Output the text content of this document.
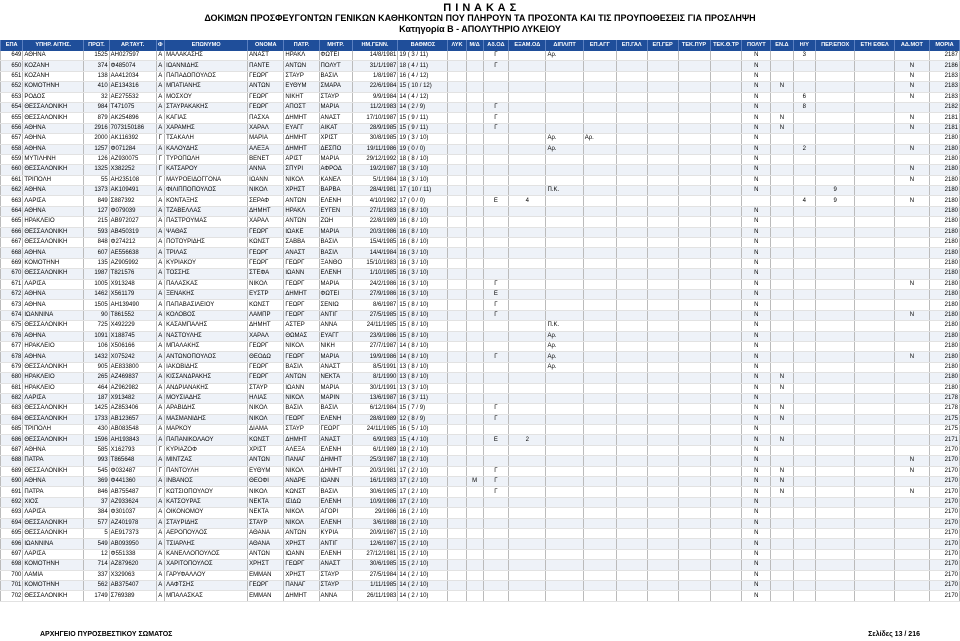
Π Ι Ν Α Κ Α Σ
ΔΟΚΙΜΩΝ ΠΡΟΣΦΕΥΓΟΝΤΩΝ ΓΕΝΙΚΩΝ ΚΑΘΗΚΟΝΤΩΝ ΠΟΥ ΠΛΗΡΟΥΝ ΤΑ ΠΡΟΣΟΝΤΑ ΚΑΙ ΤΙΣ ΠΡΟΥΠΟΘΕΣΕΙΣ ΓΙΑ ΠΡΟΣΛΗΨΗ
Κατηγορία Β - ΑΠΟΛΥΤΗΡΙΟ ΛΥΚΕΙΟΥ
ΕΠΑ	ΥΠΗΡ. ΑΙΤΗΣ.	ΠΡΩΤ.	ΑΡ.ΤΑΥΤ.	Φ	ΕΠΩΝΥΜΟ	ΟΝΟΜΑ	ΠΑΤΡ.	ΜΗΤΡ.	ΗΜ.ΓΕΝΝ.	ΒΑΘΜΟΣ	ΛΥΚ	Μ/Δ	Αδ.ΟΔ	ΕΞΑΜ.ΟΔ	ΔΙΠΛ/ΠΤ	ΕΠ.ΑΓΓ	ΕΠ.ΓΑΛ	ΕΠ.ΓΕΡ	ΤΕΚ.ΠΥΡ	ΤΕΚ.Θ.ΤΡ	ΠΟΛΥΤ	ΕΝ.Δ	Η/Υ	ΠΕΡ.ΕΠΟΧ	ΕΤΗ ΕΘΕΛ	ΑΔ.ΜΟΤ	ΜΟΡΙΑ
649	ΑΘΗΝΑ	1525	ΑΗ027597	Α	ΜΑΛΑΚΑΣΗΣ	ΑΝΑΣΤ	ΗΡΑΚΛ	ΦΩΤΕΙ	14/8/1981	19 ( 3 / 11)			Γ		Αρ.						N		3				2187
650	ΚΟΖΑΝΗ	374	Φ485074	Α	ΙΩΑΝΝΙΔΗΣ	ΠΑΝΤΕ	ΑΝΤΩΝ	ΠΟΛΥΤ	31/1/1987	18 ( 4 / 11)			Γ								N					N	2186
651	ΚΟΖΑΝΗ	138	ΑΑ412034	Α	ΠΑΠΑΔΟΠΟΥΛΟΣ	ΓΕΩΡΓ	ΣΤΑΥΡ	ΒΑΣΙΛ	1/8/1987	16 ( 4 / 12)											N					N	2183
652	ΚΟΜΟΤΗΝΗ	410	ΑΕ134316	Α	ΜΠΑΤΙΑΝΗΣ	ΑΝΤΩΝ	ΕΥΘΥΜ	ΣΜΑΡΑ	22/6/1984	15 ( 10 / 12)											N	N				N	2183
653	ΡΟΔΟΣ	32	ΑΕ275532	Α	ΜΟΣΧΟΥ	ΓΕΩΡΓ	ΝΙΚΗΤ	ΣΤΑΥΡ	9/9/1984	14 ( 4 / 12)											N		6			N	2183
654	ΘΕΣΣΑΛΟΝΙΚΗ	984	Τ471075	Α	ΣΤΑΥΡΑΚΑΚΗΣ	ΓΕΩΡΓ	ΑΠΟΣΤ	ΜΑΡΙΑ	11/2/1983	14 ( 2 / 9)			Γ								N		8				2182
655	ΘΕΣΣΑΛΟΝΙΚΗ	879	ΑΚ254896	Α	ΚΑΓΙΑΣ	ΠΑΣΧΑ	ΔΗΜΗΤ	ΑΝΑΣΤ	17/10/1987	15 ( 9 / 11)			Γ								N	N				N	2181
656	ΑΘΗΝΑ	2916	7073150186	Α	ΧΑΡΑΜΗΣ	ΧΑΡΑΛ	ΕΥΑΓΓ	ΑΙΚΑΤ	28/9/1985	15 ( 9 / 11)			Γ								N	N				N	2181
657	ΑΘΗΝΑ	2000	ΑΚ116392	Γ	ΤΣΑΚΑΛΗ	ΜΑΡΙΑ	ΔΗΜΗΤ	ΧΡΙΣΤ	30/8/1985	19 ( 3 / 10)					Αρ.	Αρ.					N						2180
658	ΑΘΗΝΑ	1257	Φ071284	Α	ΚΑΛΟΥΔΗΣ	ΑΛΕΞΑ	ΔΗΜΗΤ	ΔΕΣΠΟ	19/11/1986	19 ( 0 / 0)					Αρ.						N		2			N	2180
659	ΜΥΤΙΛΗΝΗ	126	ΑΖ930075	Γ	ΤΥΡΟΠΩΛΗ	ΒΕΝΕΤ	ΑΡΙΣΤ	ΜΑΡΙΑ	29/12/1992	18 ( 8 / 10)											N						2180
660	ΘΕΣΣΑΛΟΝΙΚΗ	1325	Χ382252	Γ	ΚΑΤΣΑΡΟΥ	ΑΝΝΑ	ΣΠΥΡΙ	ΑΦΡΟΔ	19/2/1987	18 ( 3 / 10)											N					N	2180
661	ΤΡΙΠΟΛΗ	55	ΑΗ235108	Γ	ΜΑΥΡΟΕΙΔΟΓΓΟΝΑ	ΙΩΑΝΝ	ΝΙΚΟΛ	ΚΑΝΕΛ	5/1/1984	18 ( 3 / 10)											N					N	2180
662	ΑΘΗΝΑ	1373	ΑΚ109491	Α	ΦΙΛΙΠΠΟΠΟΥΛΟΣ	ΝΙΚΟΛ	ΧΡΗΣΤ	ΒΑΡΒΑ	28/4/1981	17 ( 10 / 11)					Π.Κ.						N			9			2180
663	ΛΑΡΙΣΑ	849	Σ887392	Α	ΚΟΝΤΑΞΗΣ	ΣΕΡΑΦ	ΑΝΤΩΝ	ΕΛΕΝΗ	4/10/1982	17 ( 0 / 0)			Ε	4									4	9		N	2180
664	ΑΘΗΝΑ	127	Φ079039	Α	ΤΖΑΒΕΛΛΑΣ	ΔΗΜΗΤ	ΗΡΑΚΛ	ΕΥΓΕΝ	27/1/1983	16 ( 8 / 10)											N						2180
665	ΗΡΑΚΛΕΙΟ	215	ΑΒ972027	Α	ΠΑΣΤΡΟΥΜΑΣ	ΧΑΡΑΛ	ΑΝΤΩΝ	ΖΩΗ	22/8/1989	16 ( 8 / 10)											N						2180
666	ΘΕΣΣΑΛΟΝΙΚΗ	593	ΑΒ450319	Α	ΨΑΘΑΣ	ΓΕΩΡΓ	ΙΩΑΚΕ	ΜΑΡΙΑ	20/3/1986	16 ( 8 / 10)											N						2180
667	ΘΕΣΣΑΛΟΝΙΚΗ	848	Φ274212	Α	ΠΟΤΟΥΡΙΔΗΣ	ΚΩΝΣΤ	ΣΑΒΒΑ	ΒΑΣΙΛ	15/4/1985	16 ( 8 / 10)											N						2180
668	ΑΘΗΝΑ	607	ΑΕ556638	Α	ΤΡΙΛΑΣ	ΓΕΩΡΓ	ΑΝΑΣΤ	ΒΑΣΙΛ	14/4/1984	16 ( 3 / 10)											N						2180
669	ΚΟΜΟΤΗΝΗ	135	ΑΖ905992	Α	ΚΥΡΙΑΚΟΥ	ΓΕΩΡΓ	ΓΕΩΡΓ	ΞΑΝΘΟ	15/10/1983	16 ( 3 / 10)											N						2180
670	ΘΕΣΣΑΛΟΝΙΚΗ	1987	Τ821576	Α	ΤΟΣΣΗΣ	ΣΤΕΦΑ	ΙΩΑΝΝ	ΕΛΕΝΗ	1/10/1985	16 ( 3 / 10)											N						2180
671	ΛΑΡΙΣΑ	1005	Χ913248	Α	ΠΑΛΑΣΚΑΣ	ΝΙΚΟΛ	ΓΕΩΡΓ	ΜΑΡΙΑ	24/2/1986	16 ( 3 / 10)			Γ								N					N	2180
672	ΑΘΗΝΑ	1462	Χ561179	Α	ΞΕΝΑΚΗΣ	ΕΥΣΤΡ	ΔΗΜΗΤ	ΦΩΤΕΙ	27/9/1986	16 ( 3 / 10)			Ε								N						2180
673	ΑΘΗΝΑ	1505	ΑΗ139490	Α	ΠΑΠΑΒΑΣΙΛΕΙΟΥ	ΚΩΝΣΤ	ΓΕΩΡΓ	ΣΕΝΙΩ	8/6/1987	15 ( 8 / 10)			Γ								N						2180
674	ΙΩΑΝΝΙΝΑ	90	Τ861552	Α	ΚΟΛΟΒΟΣ	ΛΑΜΠΡ	ΓΕΩΡΓ	ΑΝΤΙΓ	27/5/1985	15 ( 8 / 10)			Γ								N					N	2180
675	ΘΕΣΣΑΛΟΝΙΚΗ	725	Χ492229	Α	ΚΑΣΑΜΠΑΛΗΣ	ΔΗΜΗΤ	ΑΣΤΕΡ	ΑΝΝΑ	24/11/1985	15 ( 8 / 10)					Π.Κ.						N						2180
676	ΑΘΗΝΑ	1091	Χ188745	Α	ΝΑΣΤΟΥΛΗΣ	ΧΑΡΑΛ	ΘΩΜΑΣ	ΕΥΑΓΓ	23/9/1986	15 ( 8 / 10)					Αρ.						N						2180
677	ΗΡΑΚΛΕΙΟ	106	Χ506166	Α	ΜΠΑΛΑΚΗΣ	ΓΕΩΡΓ	ΝΙΚΟΛ	ΝΙΚΗ	27/7/1987	14 ( 8 / 10)					Αρ.						N						2180
678	ΑΘΗΝΑ	1432	Χ075242	Α	ΑΝΤΩΝΟΠΟΥΛΟΣ	ΘΕΟΔΩ	ΓΕΩΡΓ	ΜΑΡΙΑ	19/9/1986	14 ( 8 / 10)			Γ		Αρ.						N					N	2180
679	ΘΕΣΣΑΛΟΝΙΚΗ	905	ΑΕ833800	Α	ΙΑΚΩΒΙΔΗΣ	ΓΕΩΡΓ	ΒΑΣΙΛ	ΑΝΑΣΤ	8/5/1991	13 ( 8 / 10)					Αρ.						N						2180
680	ΗΡΑΚΛΕΙΟ	265	ΑΖ469837	Α	ΚΙΣΣΑΝΔΡΑΚΗΣ	ΓΕΩΡΓ	ΑΝΤΩΝ	ΝΕΚΤΑ	8/1/1990	13 ( 8 / 10)											N	N					2180
681	ΗΡΑΚΛΕΙΟ	464	ΑΖ962982	Α	ΑΝΔΡΙΑΝΑΚΗΣ	ΣΤΑΥΡ	ΙΩΑΝΝ	ΜΑΡΙΑ	30/1/1991	13 ( 3 / 10)											N	N					2180
682	ΛΑΡΙΣΑ	187	Χ913482	Α	ΜΟΥΣΙΑΔΗΣ	ΗΛΙΑΣ	ΝΙΚΟΛ	ΜΑΡΙΝ	13/6/1987	16 ( 3 / 11)											N						2178
683	ΘΕΣΣΑΛΟΝΙΚΗ	1425	ΑΖ853406	Α	ΑΡΑΒΙΔΗΣ	ΝΙΚΟΛ	ΒΑΣΙΛ	ΒΑΣΙΛ	6/12/1984	15 ( 7 / 9)			Γ								N	N					2178
684	ΘΕΣΣΑΛΟΝΙΚΗ	1733	ΑΒ123657	Α	ΜΑΣΜΑΝΙΔΗΣ	ΝΙΚΟΛ	ΓΕΩΡΓ	ΕΛΕΝΗ	28/8/1989	12 ( 8 / 9)			Γ								N	N					2175
685	ΤΡΙΠΟΛΗ	430	ΑΒ083548	Α	ΜΑΡΚΟΥ	ΔΙΑΜΑ	ΣΤΑΥΡ	ΓΕΩΡΓ	24/11/1985	16 ( 5 / 10)											N						2175
686	ΘΕΣΣΑΛΟΝΙΚΗ	1596	ΑΗ193843	Α	ΠΑΠΑΝΙΚΟΛΑΟΥ	ΚΩΝΣΤ	ΔΗΜΗΤ	ΑΝΑΣΤ	6/9/1983	15 ( 4 / 10)			Ε	2							N	N					2171
687	ΑΘΗΝΑ	585	Χ162793	Γ	ΚΥΡΙΑΖΟΦ	ΧΡΙΣΤ	ΑΛΕΞΑ	ΕΛΕΝΗ	6/1/1989	18 ( 2 / 10)											N						2170
688	ΠΑΤΡΑ	993	Τ865648	Α	ΜΙΝΤΖΑΣ	ΑΝΤΩΝ	ΠΑΝΑΓ	ΔΗΜΗΤ	25/3/1987	18 ( 2 / 10)											N					N	2170
689	ΘΕΣΣΑΛΟΝΙΚΗ	545	Φ032487	Γ	ΠΑΝΤΟΥΛΗ	ΕΥΘΥΜ	ΝΙΚΟΛ	ΔΗΜΗΤ	20/3/1981	17 ( 2 / 10)			Γ								N	N				N	2170
690	ΑΘΗΝΑ	369	Φ441360	Α	ΙΝΒΑΝΟΣ	ΘΕΟΦΙ	ΑΝΔΡΕ	ΙΩΑΝΝ	16/1/1983	17 ( 2 / 10)		M	Γ								N	N					2170
691	ΠΑΤΡΑ	846	ΑΒ755487	Γ	ΚΩΤΣΙΟΠΟΥΛΟΥ	ΝΙΚΟΛ	ΚΩΝΣΤ	ΒΑΣΙΛ	30/6/1985	17 ( 2 / 10)			Γ								N	N				N	2170
692	ΧΙΟΣ	37	ΑΖ933624	Α	ΚΑΤΣΟΥΡΑΣ	ΝΕΚΤΑ	ΙΣΙΔΩ	ΕΛΕΝΗ	10/9/1986	17 ( 2 / 10)											N						2170
693	ΛΑΡΙΣΑ	384	Φ301037	Α	ΟΙΚΟΝΟΜΟΥ	ΝΕΚΤΑ	ΝΙΚΟΛ	ΑΓΟΡΙ	29/1986	16 ( 2 / 10)											N						2170
694	ΘΕΣΣΑΛΟΝΙΚΗ	577	ΑΖ401978	Α	ΣΤΑΥΡΙΔΗΣ	ΣΤΑΥΡ	ΝΙΚΟΛ	ΕΛΕΝΗ	3/6/1988	16 ( 2 / 10)											N						2170
695	ΘΕΣΣΑΛΟΝΙΚΗ	5	ΑΕ917373	Α	ΑΕΡΟΠΟΥΛΟΣ	ΑΘΑΝΑ	ΑΝΤΩΝ	ΚΥΡΙΑ	20/9/1987	15 ( 2 / 10)											N						2170
696	ΙΩΑΝΝΙΝΑ	549	ΑΒ093950	Α	ΤΣΙΑΡΛΗΣ	ΑΘΑΝΑ	ΧΡΗΣΤ	ΑΝΤΙΓ	12/6/1987	15 ( 2 / 10)											N						2170
697	ΛΑΡΙΣΑ	12	Φ551338	Α	ΚΑΝΕΛΛΟΠΟΥΛΟΣ	ΑΝΤΩΝ	ΙΩΑΝΝ	ΕΛΕΝΗ	27/12/1981	15 ( 2 / 10)											N						2170
698	ΚΟΜΟΤΗΝΗ	714	ΑΖ879620	Α	ΧΑΡΙΤΟΠΟΥΛΟΣ	ΧΡΗΣΤ	ΓΕΩΡΓ	ΑΝΑΣΤ	30/6/1985	15 ( 2 / 10)											N						2170
700	ΛΑΜΙΑ	337	Χ329063	Α	ΓΑΡΥΦΑΛΛΟΥ	ΕΜΜΑΝ	ΧΡΗΣΤ	ΣΤΑΥΡ	27/5/1984	14 ( 2 / 10)											N						2170
701	ΚΟΜΟΤΗΝΗ	562	ΑΒ375407	Α	ΛΑΦΤΣΗΣ	ΓΕΩΡΓ	ΠΑΝΑΓ	ΣΤΑΥΡ	1/11/1985	14 ( 2 / 10)											N						2170
702	ΘΕΣΣΑΛΟΝΙΚΗ	1749	Σ769389	Α	ΜΠΑΛΑΣΚΑΣ	ΕΜΜΑΝ	ΔΗΜΗΤ	ΑΝΝΑ	26/11/1983	14 ( 2 / 10)											N						2170
ΑΡΧΗΓΕΙΟ ΠΥΡΟΣΒΕΣΤΙΚΟΥ ΣΩΜΑΤΟΣ	Σελίδες 13 / 216
